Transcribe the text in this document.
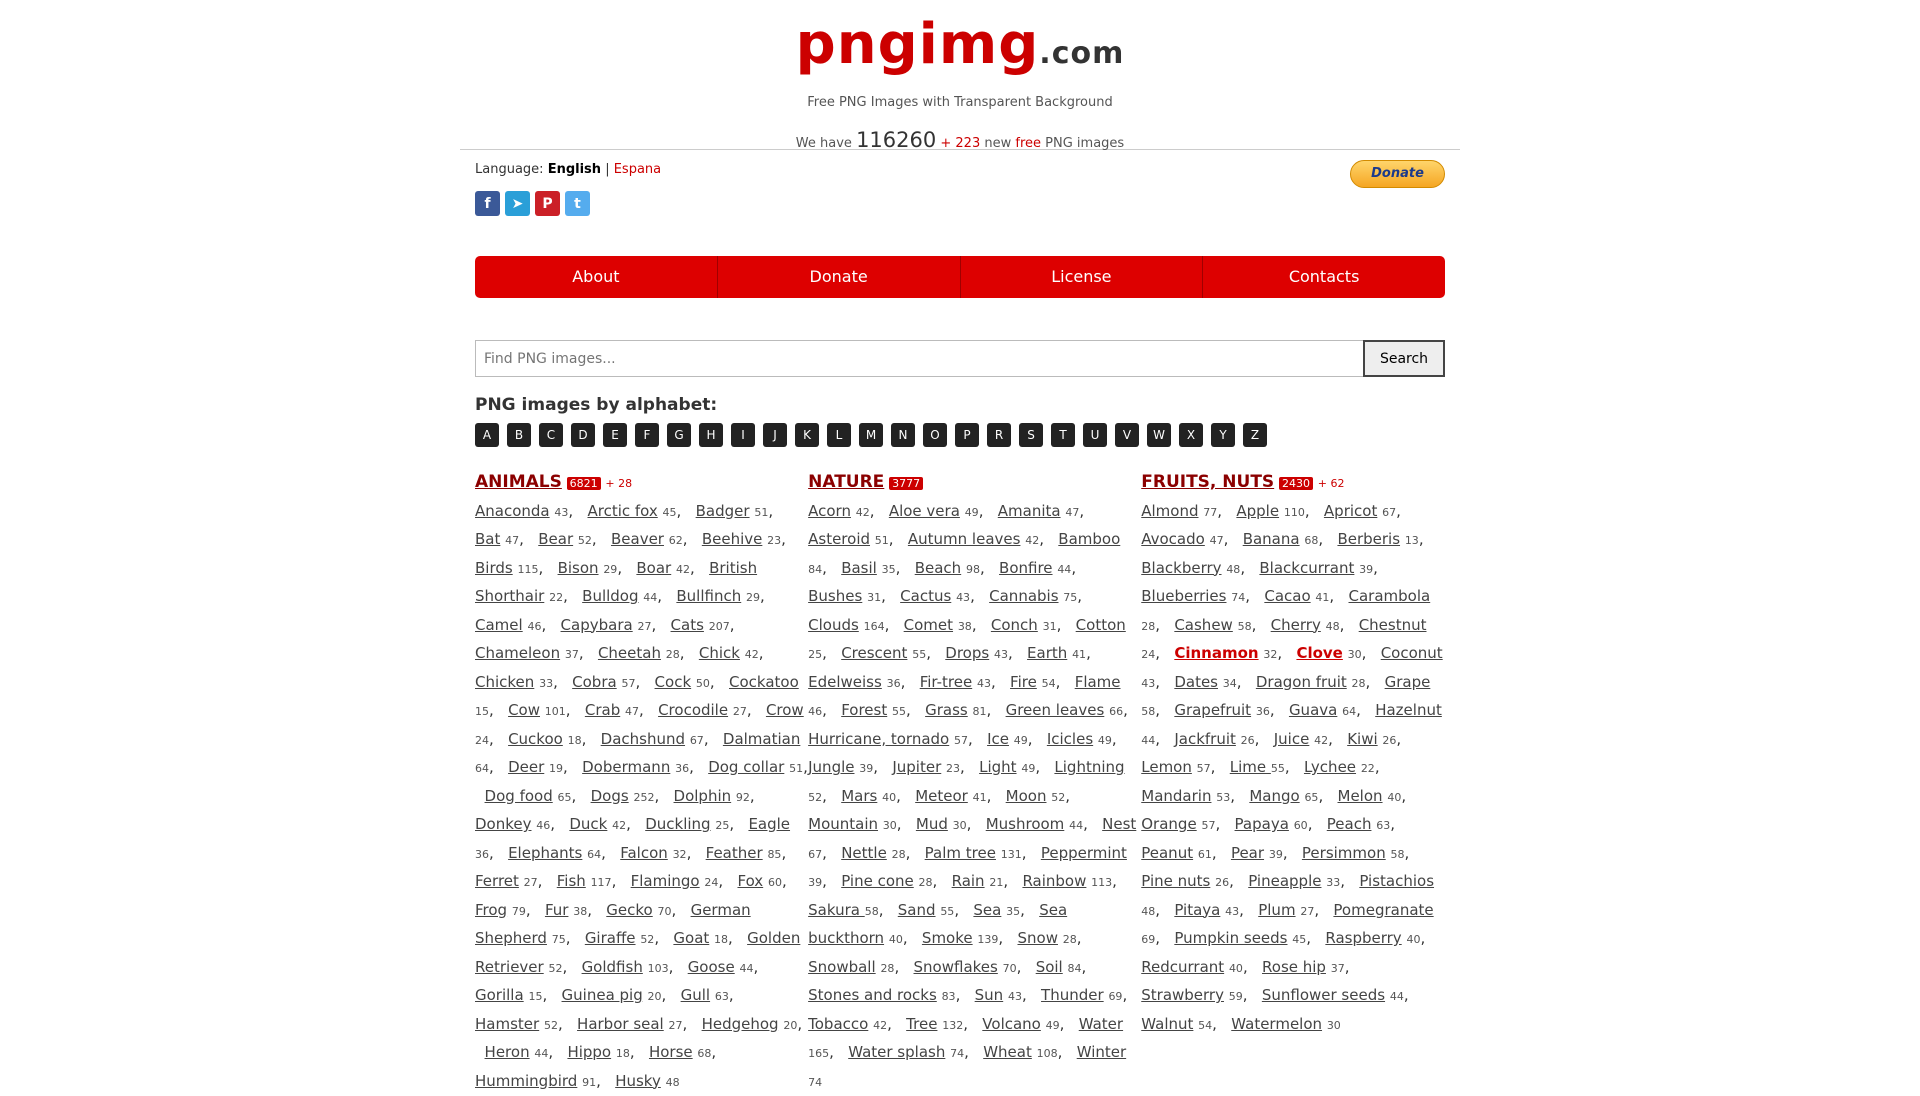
pngimg.com
Free PNG Images with Transparent Background
We have 116260 + 223 new free PNG images
Language: English | Espana	Donate
f	➤	P	t
About	Donate	License	Contacts
Find PNG images...
Search
PNG images by alphabet:
A	B	C	D	E	F	G	H	I	J	K	L	M	N	O	P	R	S	T	U	V	W	X	Y	Z
ANIMALS 6821 + 28
Anaconda 43,   Arctic fox 45,   Badger 51,   Bat 47,   Bear 52,   Beaver 62,   Beehive 23,   Birds 115,   Bison 29,   Boar 42,   British Shorthair 22,   Bulldog 44,   Bullfinch 29,   Camel 46,   Capybara 27,   Cats 207,   Chameleon 37,   Cheetah 28,   Chick 42,   Chicken 33,   Cobra 57,   Cock 50,   Cockatoo 15,   Cow 101,   Crab 47,   Crocodile 27,   Crow 24,   Cuckoo 18,   Dachshund 67,   Dalmatian 64,   Deer 19,   Dobermann 36,   Dog collar 51,   Dog food 65,   Dogs 252,   Dolphin 92,   Donkey 46,   Duck 42,   Duckling 25,   Eagle 36,   Elephants 64,   Falcon 32,   Feather 85,   Ferret 27,   Fish 117,   Flamingo 24,   Fox 60,   Frog 79,   Fur 38,   Gecko 70,   German Shepherd 75,   Giraffe 52,   Goat 18,   Golden Retriever 52,   Goldfish 103,   Goose 44,   Gorilla 15,   Guinea pig 20,   Gull 63,   Hamster 52,   Harbor seal 27,   Hedgehog 20,   Heron 44,   Hippo 18,   Horse 68,   Hummingbird 91,   Husky 48
NATURE 3777
Acorn 42,   Aloe vera 49,   Amanita 47,   Asteroid 51,   Autumn leaves 42,   Bamboo 84,   Basil 35,   Beach 98,   Bonfire 44,   Bushes 31,   Cactus 43,   Cannabis 75,   Clouds 164,   Comet 38,   Conch 31,   Cotton 25,   Crescent 55,   Drops 43,   Earth 41,   Edelweiss 36,   Fir-tree 43,   Fire 54,   Flame 46,   Forest 55,   Grass 81,   Green leaves 66,   Hurricane, tornado 57,   Ice 49,   Icicles 49,   Jungle 39,   Jupiter 23,   Light 49,   Lightning 52,   Mars 40,   Meteor 41,   Moon 52,   Mountain 30,   Mud 30,   Mushroom 44,   Nest 67,   Nettle 28,   Palm tree 131,   Peppermint 39,   Pine cone 28,   Rain 21,   Rainbow 113,   Sakura 58,   Sand 55,   Sea 35,   Sea buckthorn 40,   Smoke 139,   Snow 28,   Snowball 28,   Snowflakes 70,   Soil 84,   Stones and rocks 83,   Sun 43,   Thunder 69,   Tobacco 42,   Tree 132,   Volcano 49,   Water 165,   Water splash 74,   Wheat 108,   Winter 74
FRUITS, NUTS 2430 + 62
Almond 77,   Apple 110,   Apricot 67,   Avocado 47,   Banana 68,   Berberis 13,   Blackberry 48,   Blackcurrant 39,   Blueberries 74,   Cacao 41,   Carambola 28,   Cashew 58,   Cherry 48,   Chestnut 24,   Cinnamon 32,   Clove 30,   Coconut 43,   Dates 34,   Dragon fruit 28,   Grape 58,   Grapefruit 36,   Guava 64,   Hazelnut 44,   Jackfruit 26,   Juice 42,   Kiwi 26,   Lemon 57,   Lime 55,   Lychee 22,   Mandarin 53,   Mango 65,   Melon 40,   Orange 57,   Papaya 60,   Peach 63,   Peanut 61,   Pear 39,   Persimmon 58,   Pine nuts 26,   Pineapple 33,   Pistachios 48,   Pitaya 43,   Plum 27,   Pomegranate 69,   Pumpkin seeds 45,   Raspberry 40,   Redcurrant 40,   Rose hip 37,   Strawberry 59,   Sunflower seeds 44,   Walnut 54,   Watermelon 30
